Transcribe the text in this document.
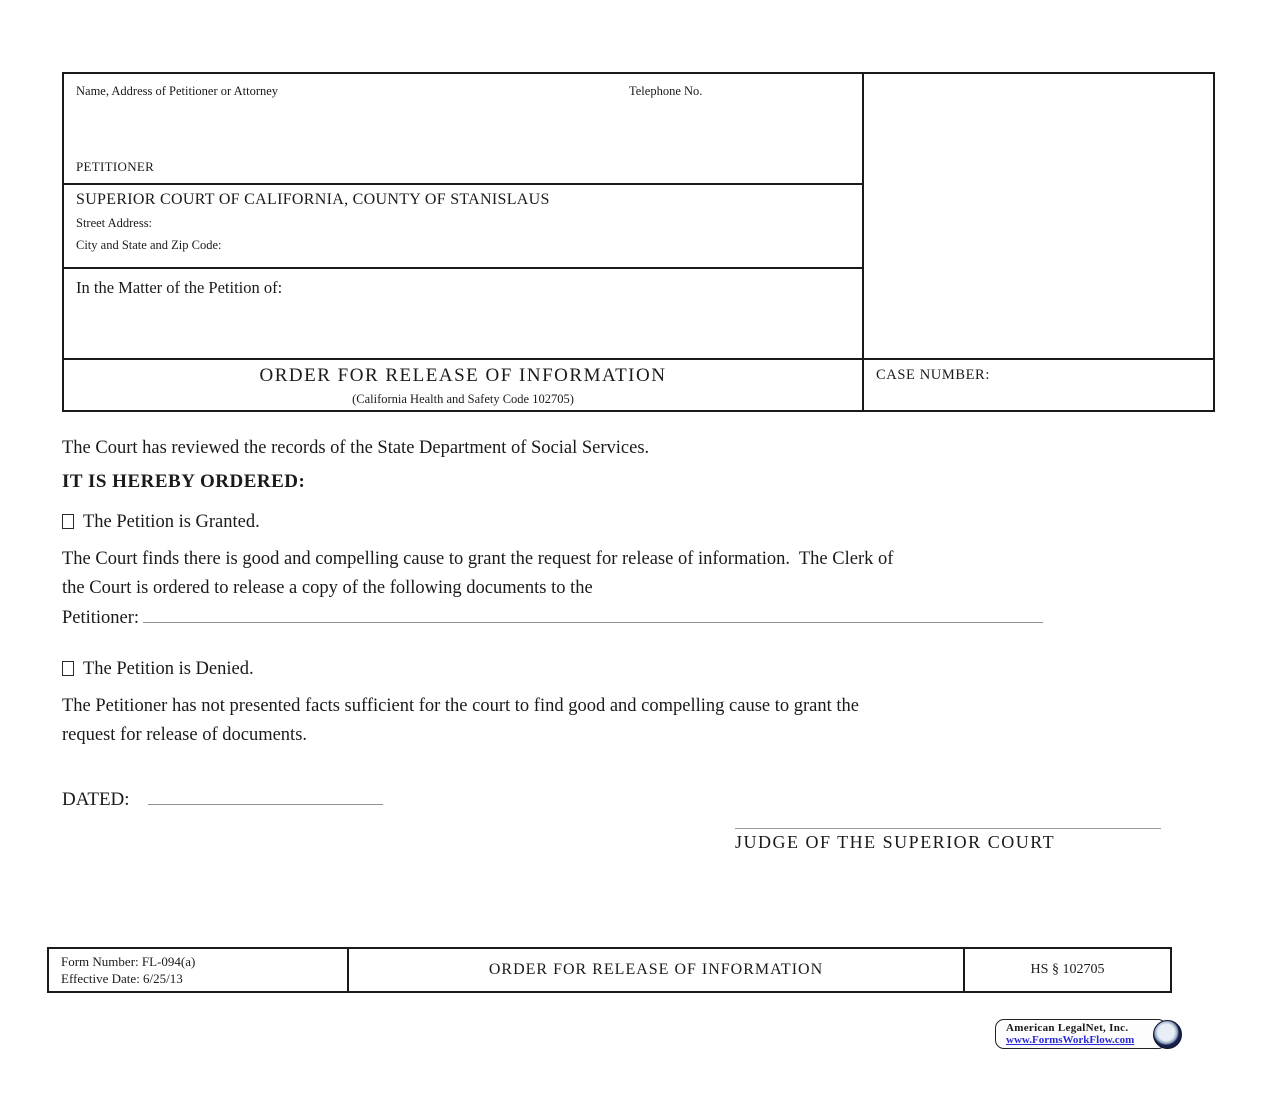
Name, Address of Petitioner or Attorney	Telephone No.
PETITIONER
SUPERIOR COURT OF CALIFORNIA, COUNTY OF STANISLAUS
Street Address:
City and State and Zip Code:
In the Matter of the Petition of:
ORDER FOR RELEASE OF INFORMATION
(California Health and Safety Code 102705)
CASE NUMBER:
The Court has reviewed the records of the State Department of Social Services.
IT IS HEREBY ORDERED:
The Petition is Granted.
The Court finds there is good and compelling cause to grant the request for release of information.  The Clerk of
the Court is ordered to release a copy of the following documents to the
Petitioner:
The Petition is Denied.
The Petitioner has not presented facts sufficient for the court to find good and compelling cause to grant the
request for release of documents.
DATED:
JUDGE OF THE SUPERIOR COURT
Form Number: FL-094(a)
Effective Date: 6/25/13
ORDER FOR RELEASE OF INFORMATION	HS § 102705
American LegalNet, Inc.
www.FormsWorkFlow.com
